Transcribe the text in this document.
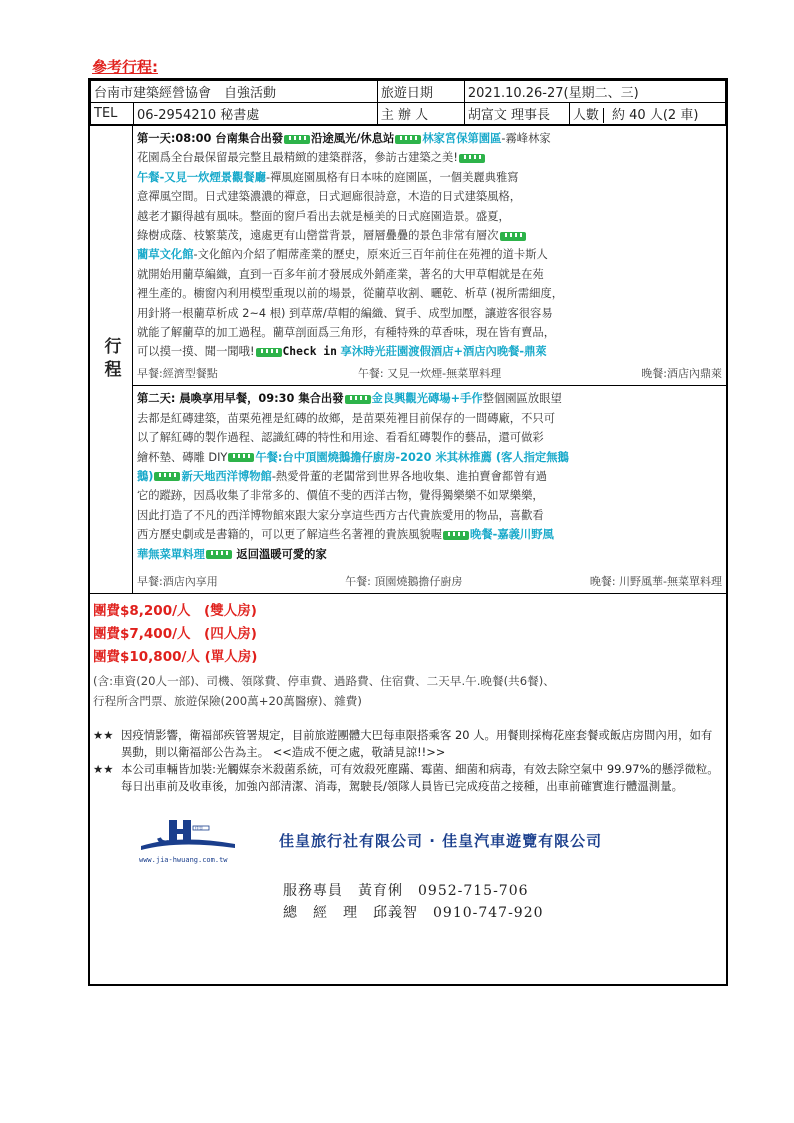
參考行程:
台南市建築經營協會　自強活動		旅遊日期	2021.10.26-27(星期二、三)	
TEL	06-2954210 秘書處	主 辦 人	胡富文 理事長	人數 約 40 人(2 車)
行程
第一天:08:00 台南集合出發 沿途風光/休息站 林家宮保第園區-霧峰林家
花園爲全台最保留最完整且最精緻的建築群落，參訪古建築之美!
午餐-又見一炊煙景觀餐廳-禪風庭園風格有日本味的庭園區，一個美麗典雅寫
意禪風空間。日式建築濃濃的禪意，日式迴廊很詩意，木造的日式建築風格，
越老才顯得越有風味。整面的窗戶看出去就是極美的日式庭園造景。盛夏，
綠樹成蔭、枝繁葉茂，遠處更有山巒當背景，層層疊疊的景色非常有層次
藺草文化館-文化館內介紹了帽蓆產業的歷史，原來近三百年前住在苑裡的道卡斯人
就開始用藺草編織，直到一百多年前才發展成外銷產業，著名的大甲草帽就是在苑
裡生產的。櫥窗內利用模型重現以前的場景，從藺草收割、曬乾、析草 (視所需細度，
用針將一根藺草析成 2~4 根) 到草蓆/草帽的編織、貿手、成型加壓，讓遊客很容易
就能了解藺草的加工過程。藺草剖面爲三角形，有種特殊的草香味，現在皆有賣品，
可以摸一摸、聞一聞哦! Check in 享沐時光莊園渡假酒店+酒店內晚餐-鼎萊
早餐:經濟型餐點	午餐: 又見一炊煙-無菜單料理	晚餐:酒店內鼎萊
第二天: 晨喚享用早餐，09:30 集合出發 金良興觀光磚場+手作整個園區放眼望
去都是紅磚建築，苗栗苑裡是紅磚的故鄉，是苗栗苑裡目前保存的一間磚廠，不只可
以了解紅磚的製作過程、認識紅磚的特性和用途、看看紅磚製作的藝品，還可做彩
繪杯墊、磚雕 DIY 午餐:台中頂園燒鵝擔仔廚房-2020 米其林推薦 (客人指定無鵝
鵝) 新天地西洋博物館-熱愛骨董的老闆常到世界各地收集、進拍賣會都曾有過
它的蹤跡，因爲收集了非常多的、價值不斐的西洋古物，覺得獨樂樂不如眾樂樂，
因此打造了不凡的西洋博物館來跟大家分享這些西方古代貴族愛用的物品，喜歡看
西方歷史劇或是書籍的，可以更了解這些名著裡的貴族風貌喔 晚餐-嘉義川野風
華無菜單料理	返回溫暖可愛的家
早餐:酒店內享用	午餐: 頂園燒鵝擔仔廚房	晚餐: 川野風華-無菜單料理
團費$8,200/人　(雙人房)
團費$7,400/人　(四人房)
團費$10,800/人 (單人房)
(含:車資(20人一部)、司機、領隊費、停車費、過路費、住宿費、二天早.午.晚餐(共6餐)、
行程所含門票、旅遊保險(200萬+20萬醫療)、雜費)
★★ 因疫情影響，衛福部疾管署規定，目前旅遊團體大巴每車限搭乘客 20 人。用餐則採梅花座套餐或飯店房間內用，如有異動，則以衛福部公告為主。 <<造成不便之處，敬請見諒!!>>
★★ 本公司車輛皆加裝:光觸媒奈米殺菌系統，可有效殺死塵蹣、霉菌、細菌和病毒，有效去除空氣中 99.97%的懸浮微粒。每日出車前及收車後，加強內部清潔、消毒，駕駛長/領隊人員皆已完成疫苗之接種，出車前確實進行體溫測量。
佳皇
www.jia-hwuang.com.tw
佳皇旅行社有限公司 · 佳皇汽車遊覽有限公司
服務專員　黃育俐　0952-715-706
總　經　理　邱義智　0910-747-920
